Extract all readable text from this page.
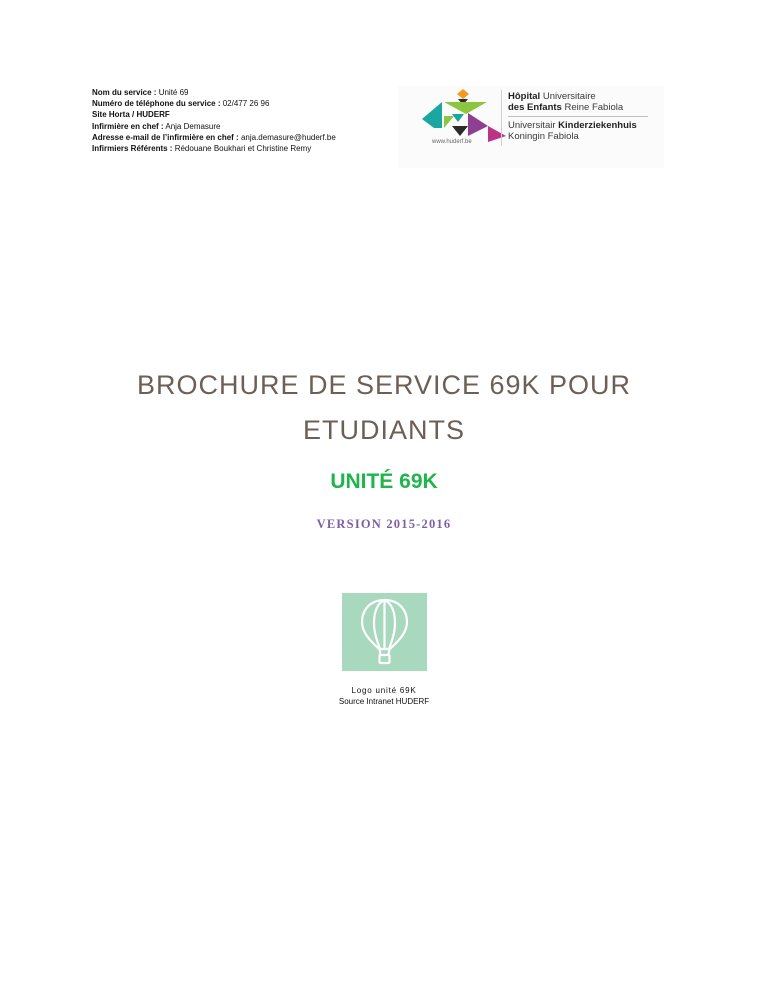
Nom du service : Unité 69
Numéro de téléphone du service : 02/477 26 96
Site Horta / HUDERF
Infirmière en chef : Anja Demasure
Adresse e-mail de l’infirmière en chef : anja.demasure@huderf.be
Infirmiers Référents : Rédouane Boukhari et Christine Remy
www.huderf.be
Hôpital Universitaire
des Enfants Reine Fabiola
Universitair Kinderziekenhuis
Koningin Fabiola
BROCHURE DE SERVICE 69K POUR
ETUDIANTS
UNITÉ 69K
VERSION 2015-2016
Logo unité 69K
Source Intranet HUDERF
